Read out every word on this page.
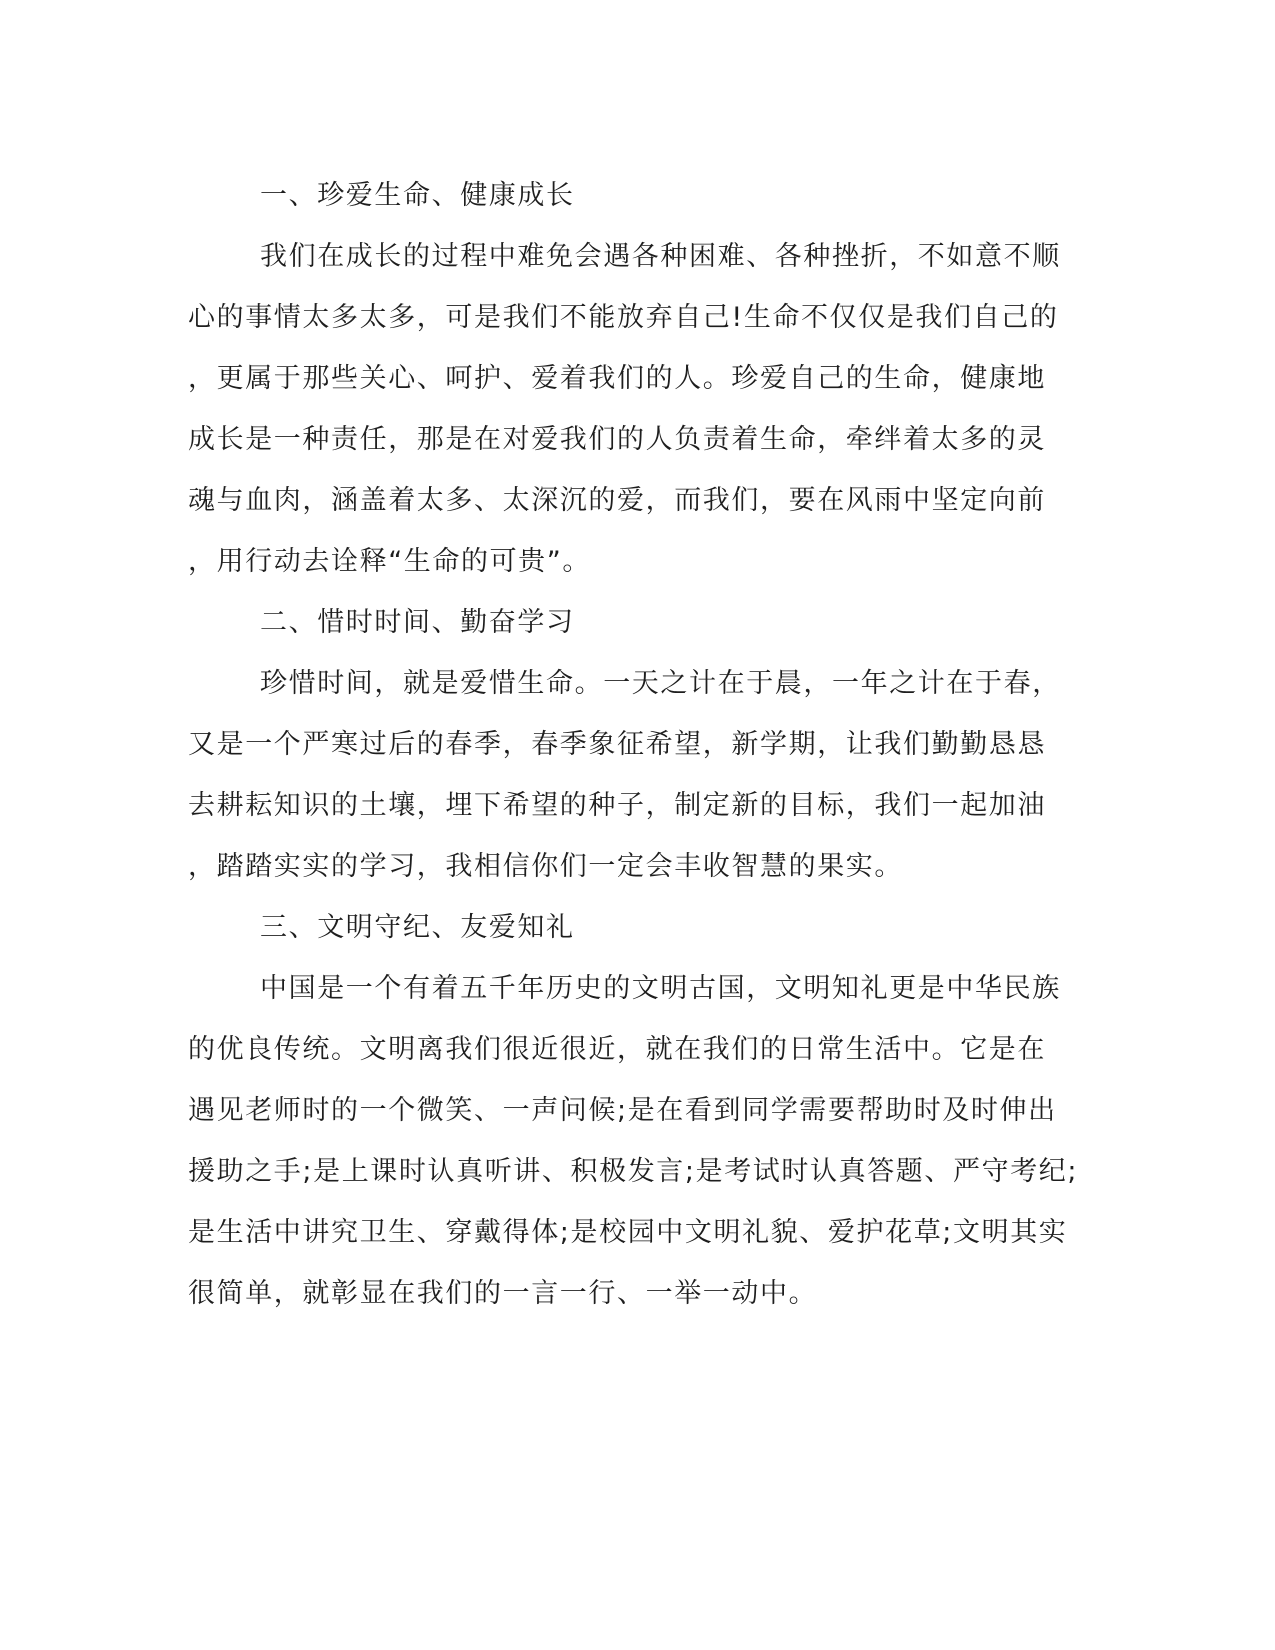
一、珍爱生命、健康成长
我们在成长的过程中难免会遇各种困难、各种挫折，不如意不顺
心的事情太多太多，可是我们不能放弃自己!生命不仅仅是我们自己的
，更属于那些关心、呵护、爱着我们的人。珍爱自己的生命，健康地
成长是一种责任，那是在对爱我们的人负责着生命，牵绊着太多的灵
魂与血肉，涵盖着太多、太深沉的爱，而我们，要在风雨中坚定向前
，用行动去诠释“生命的可贵”。
二、惜时时间、勤奋学习
珍惜时间，就是爱惜生命。一天之计在于晨，一年之计在于春，
又是一个严寒过后的春季，春季象征希望，新学期，让我们勤勤恳恳
去耕耘知识的土壤，埋下希望的种子，制定新的目标，我们一起加油
，踏踏实实的学习，我相信你们一定会丰收智慧的果实。
三、文明守纪、友爱知礼
中国是一个有着五千年历史的文明古国，文明知礼更是中华民族
的优良传统。文明离我们很近很近，就在我们的日常生活中。它是在
遇见老师时的一个微笑、一声问候;是在看到同学需要帮助时及时伸出
援助之手;是上课时认真听讲、积极发言;是考试时认真答题、严守考纪;
是生活中讲究卫生、穿戴得体;是校园中文明礼貌、爱护花草;文明其实
很简单，就彰显在我们的一言一行、一举一动中。
